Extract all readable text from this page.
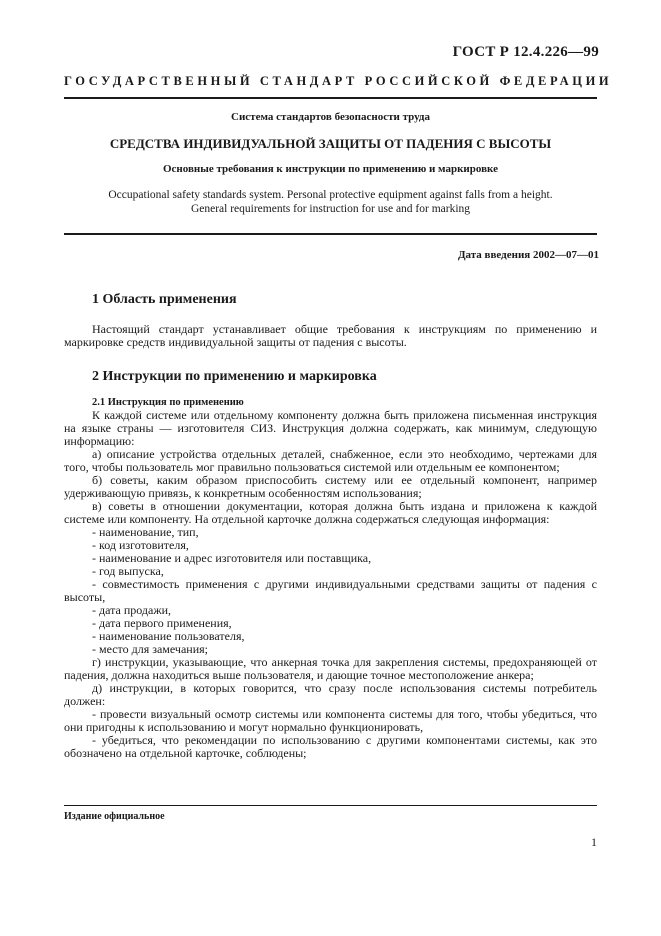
ГОСТ Р 12.4.226—99
ГОСУДАРСТВЕННЫЙ СТАНДАРТ РОССИЙСКОЙ ФЕДЕРАЦИИ
Система стандартов безопасности труда
СРЕДСТВА ИНДИВИДУАЛЬНОЙ ЗАЩИТЫ ОТ ПАДЕНИЯ С ВЫСОТЫ
Основные требования к инструкции по применению и маркировке
Occupational safety standards system. Personal protective equipment against falls from a height.
General requirements for instruction for use and for marking
Дата введения 2002—07—01
1 Область применения

Настоящий стандарт устанавливает общие требования к инструкциям по применению и маркировке средств индивидуальной защиты от падения с высоты.

2 Инструкции по применению и маркировка

2.1 Инструкция по применению

К каждой системе или отдельному компоненту должна быть приложена письменная инструкция на языке страны — изготовителя СИЗ. Инструкция должна содержать, как минимум, следующую информацию:

а) описание устройства отдельных деталей, снабженное, если это необходимо, чертежами для того, чтобы пользователь мог правильно пользоваться системой или отдельным ее компонентом;

б) советы, каким образом приспособить систему или ее отдельный компонент, например удерживающую привязь, к конкретным особенностям использования;

в) советы в отношении документации, которая должна быть издана и приложена к каждой системе или компоненту. На отдельной карточке должна содержаться следующая информация:

- наименование, тип,

- код изготовителя,

- наименование и адрес изготовителя или поставщика,

- год выпуска,

- совместимость применения с другими индивидуальными средствами защиты от падения с высоты,

- дата продажи,

- дата первого применения,

- наименование пользователя,

- место для замечания;

г) инструкции, указывающие, что анкерная точка для закрепления системы, предохраняющей от падения, должна находиться выше пользователя, и дающие точное местоположение анкера;

д) инструкции, в которых говорится, что сразу после использования системы потребитель должен:

- провести визуальный осмотр системы или компонента системы для того, чтобы убедиться, что они пригодны к использованию и могут нормально функционировать,

- убедиться, что рекомендации по использованию с другими компонентами системы, как это обозначено на отдельной карточке, соблюдены;

Издание официальное
1
